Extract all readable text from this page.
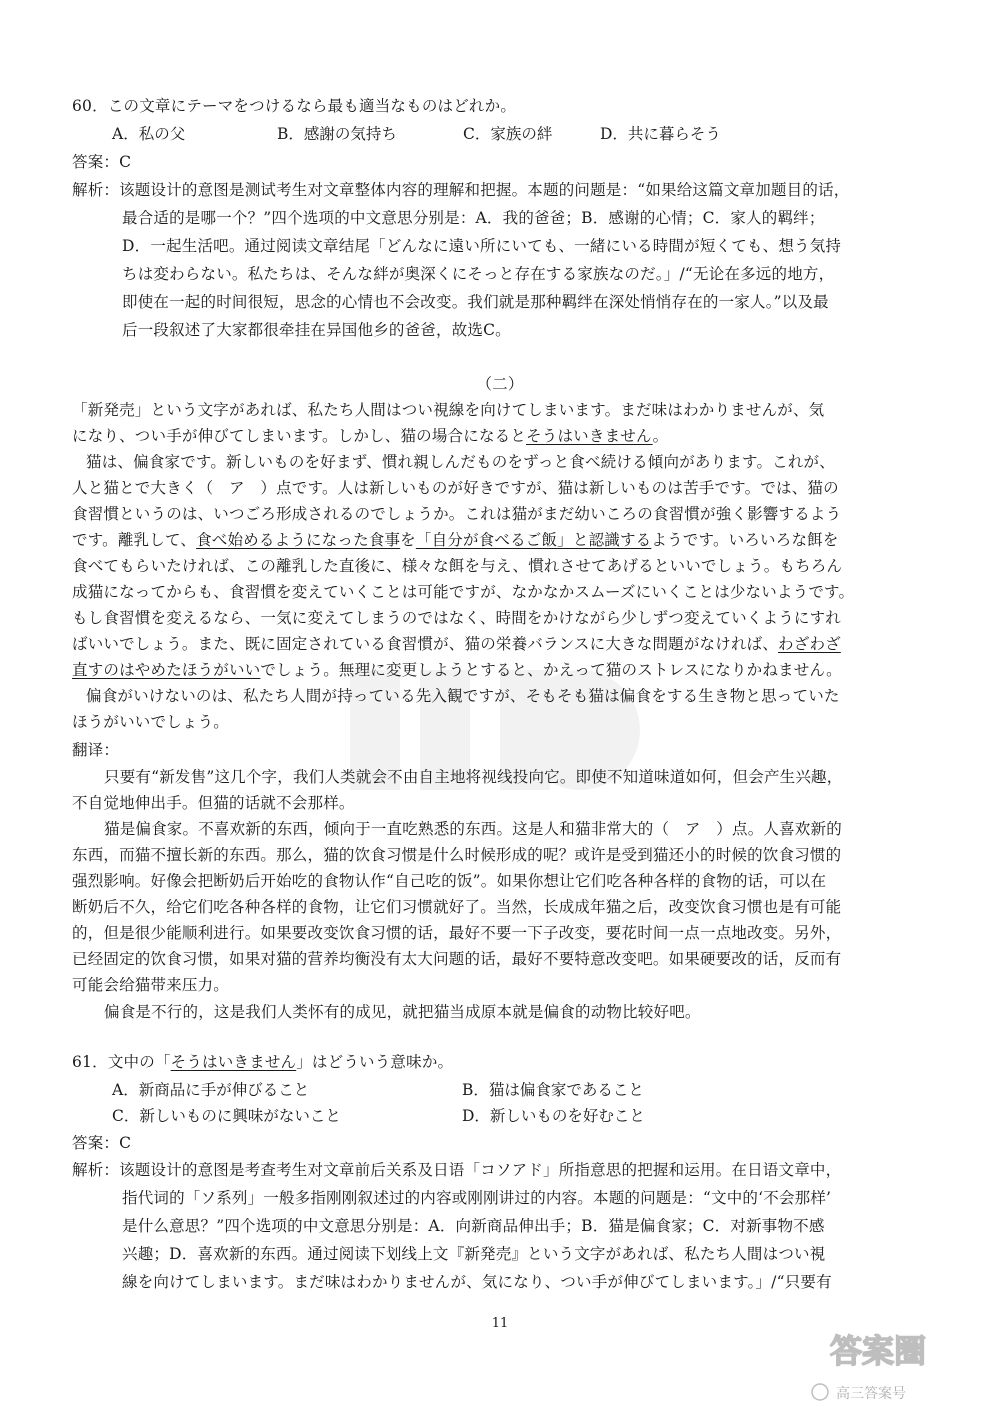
60．この文章にテーマをつけるなら最も適当なものはどれか。
A．私の父	B．感謝の気持ち	C．家族の絆	D．共に暮らそう
答案：C
解析：该题设计的意图是测试考生对文章整体内容的理解和把握。本题的问题是：“如果给这篇文章加题目的话，
最合适的是哪一个？”四个选项的中文意思分别是：A．我的爸爸；B．感谢的心情；C．家人的羁绊；
D．一起生活吧。通过阅读文章结尾「どんなに遠い所にいても、一緒にいる時間が短くても、想う気持
ちは変わらない。私たちは、そんな絆が奥深くにそっと存在する家族なのだ。」/“无论在多远的地方，
即使在一起的时间很短，思念的心情也不会改变。我们就是那种羁绊在深处悄悄存在的一家人。”以及最
后一段叙述了大家都很牵挂在异国他乡的爸爸，故选C。
（二）
「新発売」という文字があれば、私たち人間はつい視線を向けてしまいます。まだ味はわかりませんが、気
になり、つい手が伸びてしまいます。しかし、猫の場合になるとそうはいきません。
猫は、偏食家です。新しいものを好まず、慣れ親しんだものをずっと食べ続ける傾向があります。これが、
人と猫とで大きく（　ア　）点です。人は新しいものが好きですが、猫は新しいものは苦手です。では、猫の
食習慣というのは、いつごろ形成されるのでしょうか。これは猫がまだ幼いころの食習慣が強く影響するよう
です。離乳して、食べ始めるようになった食事を「自分が食べるご飯」と認識するようです。いろいろな餌を
食べてもらいたければ、この離乳した直後に、様々な餌を与え、慣れさせてあげるといいでしょう。もちろん
成猫になってからも、食習慣を変えていくことは可能ですが、なかなかスムーズにいくことは少ないようです。
もし食習慣を変えるなら、一気に変えてしまうのではなく、時間をかけながら少しずつ変えていくようにすれ
ばいいでしょう。また、既に固定されている食習慣が、猫の栄養バランスに大きな問題がなければ、わざわざ
直すのはやめたほうがいいでしょう。無理に変更しようとすると、かえって猫のストレスになりかねません。
偏食がいけないのは、私たち人間が持っている先入観ですが、そもそも猫は偏食をする生き物と思っていた
ほうがいいでしょう。
翻译：
只要有“新发售”这几个字，我们人类就会不由自主地将视线投向它。即使不知道味道如何，但会产生兴趣，
不自觉地伸出手。但猫的话就不会那样。
猫是偏食家。不喜欢新的东西，倾向于一直吃熟悉的东西。这是人和猫非常大的（　ア　）点。人喜欢新的
东西，而猫不擅长新的东西。那么，猫的饮食习惯是什么时候形成的呢？或许是受到猫还小的时候的饮食习惯的
强烈影响。好像会把断奶后开始吃的食物认作“自己吃的饭”。如果你想让它们吃各种各样的食物的话，可以在
断奶后不久，给它们吃各种各样的食物，让它们习惯就好了。当然，长成成年猫之后，改变饮食习惯也是有可能
的，但是很少能顺利进行。如果要改变饮食习惯的话，最好不要一下子改变，要花时间一点一点地改变。另外，
已经固定的饮食习惯，如果对猫的营养均衡没有太大问题的话，最好不要特意改变吧。如果硬要改的话，反而有
可能会给猫带来压力。
偏食是不行的，这是我们人类怀有的成见，就把猫当成原本就是偏食的动物比较好吧。
61．文中の「そうはいきません」はどういう意味か。
A．新商品に手が伸びること	B．猫は偏食家であること
C．新しいものに興味がないこと	D．新しいものを好むこと
答案：C
解析：该题设计的意图是考查考生对文章前后关系及日语「コソアド」所指意思的把握和运用。在日语文章中，
指代词的「ソ系列」一般多指刚刚叙述过的内容或刚刚讲过的内容。本题的问题是：“文中的‘不会那样’
是什么意思？”四个选项的中文意思分别是：A．向新商品伸出手；B．猫是偏食家；C．对新事物不感
兴趣；D．喜欢新的东西。通过阅读下划线上文『新発売』という文字があれば、私たち人間はつい視
線を向けてしまいます。まだ味はわかりませんが、気になり、つい手が伸びてしまいます。」/“只要有
11
答案圈
高三答案号
